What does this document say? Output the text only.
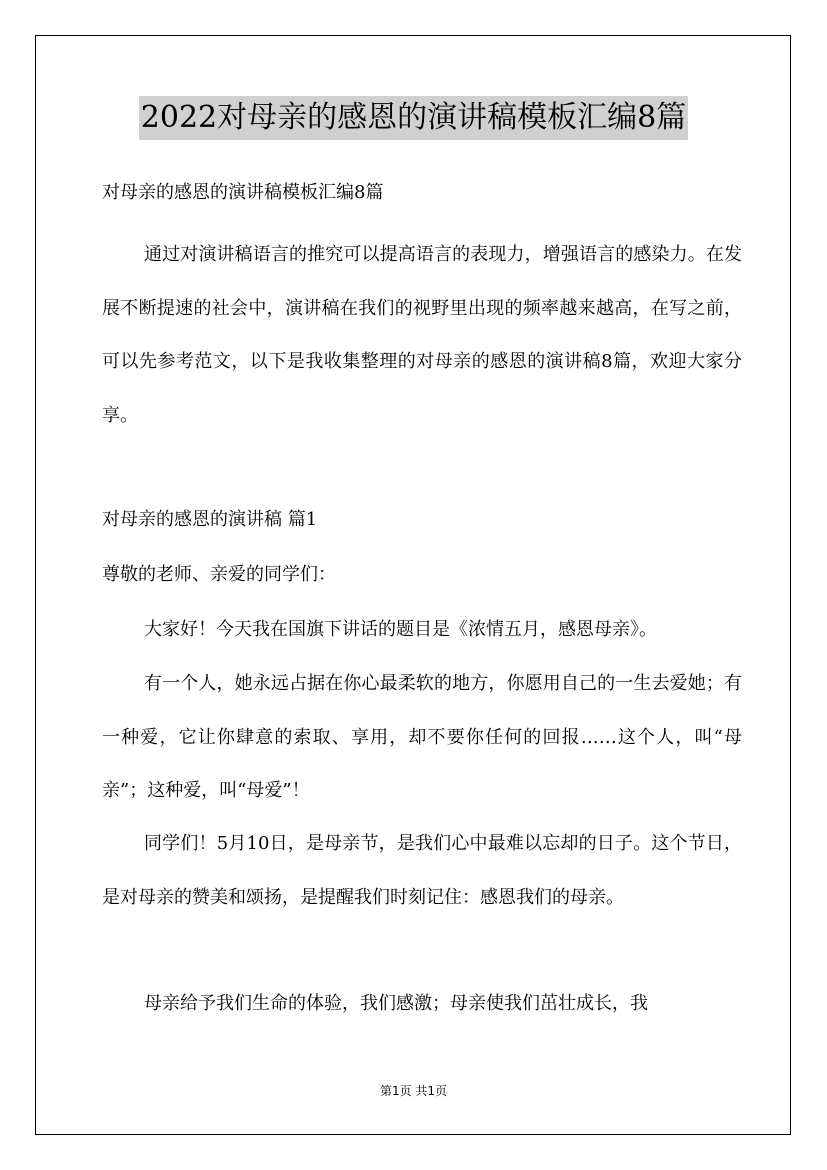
2022对母亲的感恩的演讲稿模板汇编8篇
对母亲的感恩的演讲稿模板汇编8篇
通过对演讲稿语言的推究可以提高语言的表现力，增强语言的感染力。在发展不断提速的社会中，演讲稿在我们的视野里出现的频率越来越高，在写之前，可以先参考范文，以下是我收集整理的对母亲的感恩的演讲稿8篇，欢迎大家分享。
对母亲的感恩的演讲稿 篇1
尊敬的老师、亲爱的同学们：
大家好！今天我在国旗下讲话的题目是《浓情五月，感恩母亲》。
有一个人，她永远占据在你心最柔软的地方，你愿用自己的一生去爱她；有一种爱，它让你肆意的索取、享用，却不要你任何的回报……这个人，叫“母亲”；这种爱，叫“母爱”！
同学们！5月10日，是母亲节，是我们心中最难以忘却的日子。这个节日，是对母亲的赞美和颂扬，是提醒我们时刻记住：感恩我们的母亲。
母亲给予我们生命的体验，我们感激；母亲使我们茁壮成长，我
第1页 共1页
